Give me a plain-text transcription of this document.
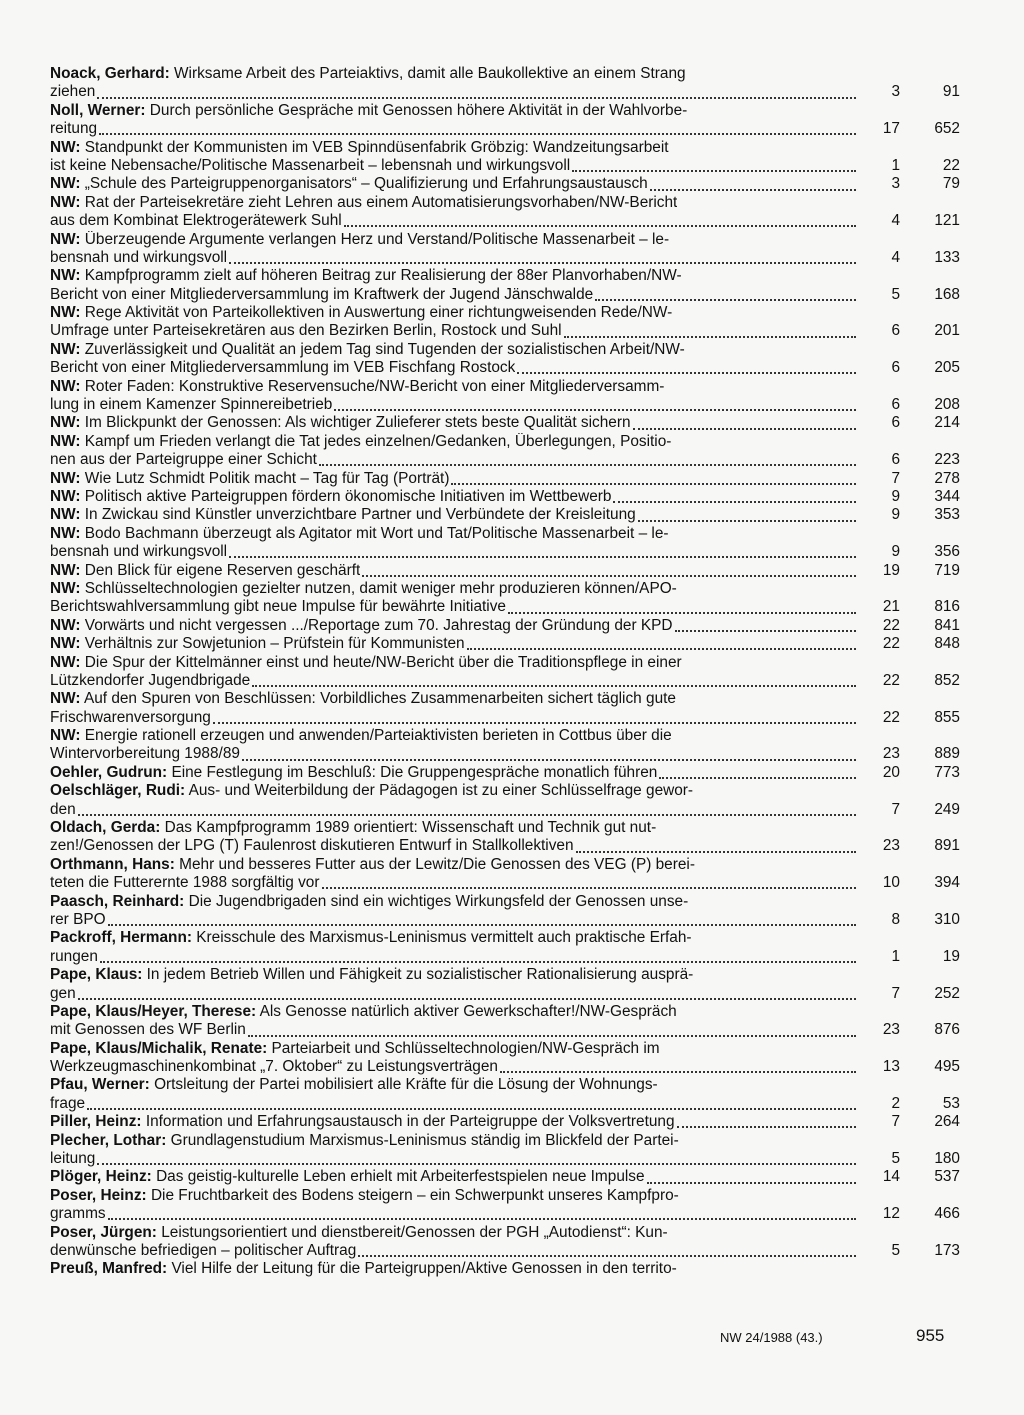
Noack, Gerhard: Wirksame Arbeit des Parteiaktivs, damit alle Baukollektive an einem Strang
ziehen	3	91
Noll, Werner: Durch persönliche Gespräche mit Genossen höhere Aktivität in der Wahlvorbe-
reitung	17	652
NW: Standpunkt der Kommunisten im VEB Spinndüsenfabrik Gröbzig: Wandzeitungsarbeit
ist keine Nebensache/Politische Massenarbeit – lebensnah und wirkungsvoll	1	22
NW: „Schule des Parteigruppenorganisators“ – Qualifizierung und Erfahrungsaustausch	3	79
NW: Rat der Parteisekretäre zieht Lehren aus einem Automatisierungsvorhaben/NW-Bericht
aus dem Kombinat Elektrogerätewerk Suhl	4	121
NW: Überzeugende Argumente verlangen Herz und Verstand/Politische Massenarbeit – le-
bensnah und wirkungsvoll	4	133
NW: Kampfprogramm zielt auf höheren Beitrag zur Realisierung der 88er Planvorhaben/NW-
Bericht von einer Mitgliederversammlung im Kraftwerk der Jugend Jänschwalde	5	168
NW: Rege Aktivität von Parteikollektiven in Auswertung einer richtungweisenden Rede/NW-
Umfrage unter Parteisekretären aus den Bezirken Berlin, Rostock und Suhl	6	201
NW: Zuverlässigkeit und Qualität an jedem Tag sind Tugenden der sozialistischen Arbeit/NW-
Bericht von einer Mitgliederversammlung im VEB Fischfang Rostock	6	205
NW: Roter Faden: Konstruktive Reservensuche/NW-Bericht von einer Mitgliederversamm-
lung in einem Kamenzer Spinnereibetrieb	6	208
NW: Im Blickpunkt der Genossen: Als wichtiger Zulieferer stets beste Qualität sichern	6	214
NW: Kampf um Frieden verlangt die Tat jedes einzelnen/Gedanken, Überlegungen, Positio-
nen aus der Parteigruppe einer Schicht	6	223
NW: Wie Lutz Schmidt Politik macht – Tag für Tag (Porträt)	7	278
NW: Politisch aktive Parteigruppen fördern ökonomische Initiativen im Wettbewerb	9	344
NW: In Zwickau sind Künstler unverzichtbare Partner und Verbündete der Kreisleitung	9	353
NW: Bodo Bachmann überzeugt als Agitator mit Wort und Tat/Politische Massenarbeit – le-
bensnah und wirkungsvoll	9	356
NW: Den Blick für eigene Reserven geschärft	19	719
NW: Schlüsseltechnologien gezielter nutzen, damit weniger mehr produzieren können/APO-
Berichtswahlversammlung gibt neue Impulse für bewährte Initiative	21	816
NW: Vorwärts und nicht vergessen .../Reportage zum 70. Jahrestag der Gründung der KPD	22	841
NW: Verhältnis zur Sowjetunion – Prüfstein für Kommunisten	22	848
NW: Die Spur der Kittelmänner einst und heute/NW-Bericht über die Traditionspflege in einer
Lützkendorfer Jugendbrigade	22	852
NW: Auf den Spuren von Beschlüssen: Vorbildliches Zusammenarbeiten sichert täglich gute
Frischwarenversorgung	22	855
NW: Energie rationell erzeugen und anwenden/Parteiaktivisten berieten in Cottbus über die
Wintervorbereitung 1988/89	23	889
Oehler, Gudrun: Eine Festlegung im Beschluß: Die Gruppengespräche monatlich führen	20	773
Oelschläger, Rudi: Aus- und Weiterbildung der Pädagogen ist zu einer Schlüsselfrage gewor-
den	7	249
Oldach, Gerda: Das Kampfprogramm 1989 orientiert: Wissenschaft und Technik gut nut-
zen!/Genossen der LPG (T) Faulenrost diskutieren Entwurf in Stallkollektiven	23	891
Orthmann, Hans: Mehr und besseres Futter aus der Lewitz/Die Genossen des VEG (P) berei-
teten die Futterernte 1988 sorgfältig vor	10	394
Paasch, Reinhard: Die Jugendbrigaden sind ein wichtiges Wirkungsfeld der Genossen unse-
rer BPO	8	310
Packroff, Hermann: Kreisschule des Marxismus-Leninismus vermittelt auch praktische Erfah-
rungen	1	19
Pape, Klaus: In jedem Betrieb Willen und Fähigkeit zu sozialistischer Rationalisierung ausprä-
gen	7	252
Pape, Klaus/Heyer, Therese: Als Genosse natürlich aktiver Gewerkschafter!/NW-Gespräch
mit Genossen des WF Berlin	23	876
Pape, Klaus/Michalik, Renate: Parteiarbeit und Schlüsseltechnologien/NW-Gespräch im
Werkzeugmaschinenkombinat „7. Oktober“ zu Leistungsverträgen	13	495
Pfau, Werner: Ortsleitung der Partei mobilisiert alle Kräfte für die Lösung der Wohnungs-
frage	2	53
Piller, Heinz: Information und Erfahrungsaustausch in der Parteigruppe der Volksvertretung	7	264
Plecher, Lothar: Grundlagenstudium Marxismus-Leninismus ständig im Blickfeld der Partei-
leitung	5	180
Plöger, Heinz: Das geistig-kulturelle Leben erhielt mit Arbeiterfestspielen neue Impulse	14	537
Poser, Heinz: Die Fruchtbarkeit des Bodens steigern – ein Schwerpunkt unseres Kampfpro-
gramms	12	466
Poser, Jürgen: Leistungsorientiert und dienstbereit/Genossen der PGH „Autodienst“: Kun-
denwünsche befriedigen – politischer Auftrag	5	173
Preuß, Manfred: Viel Hilfe der Leitung für die Parteigruppen/Aktive Genossen in den territo-
NW 24/1988 (43.)	955
